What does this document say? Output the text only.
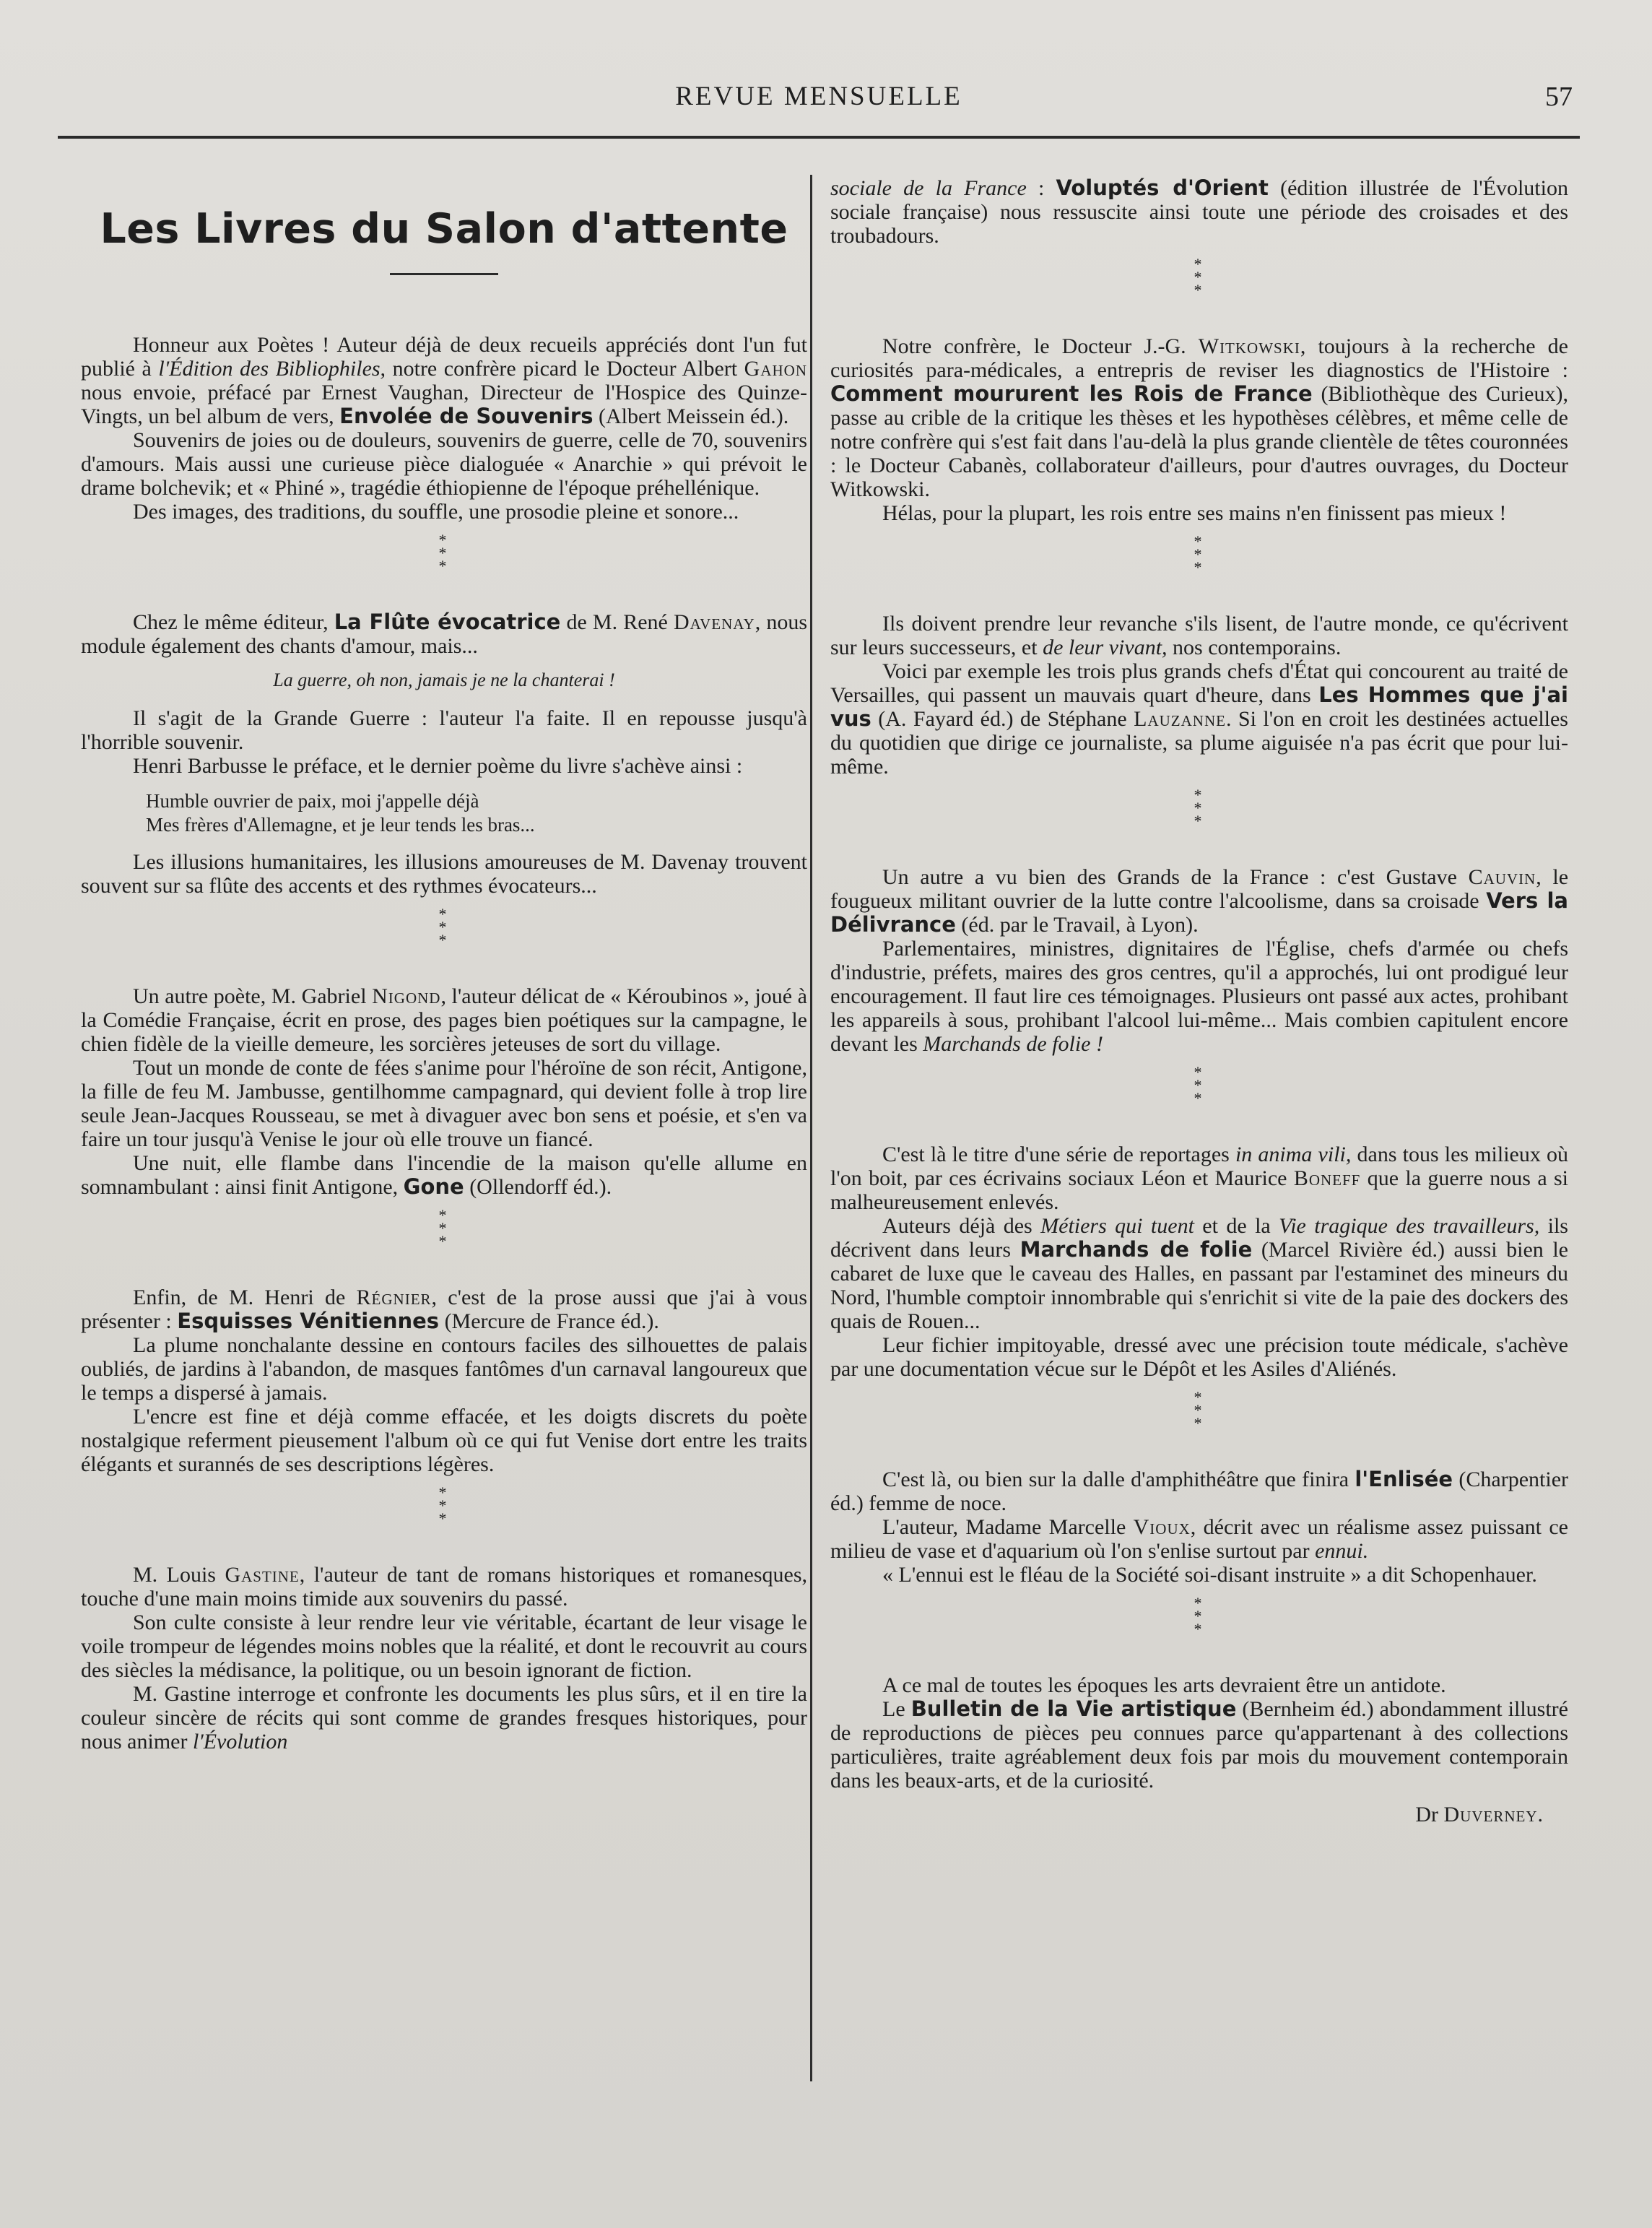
REVUE MENSUELLE	57
Les Livres du Salon d'attente

Honneur aux Poètes ! Auteur déjà de deux recueils appréciés dont l'un fut publié à l'Édition des Bibliophiles, notre confrère picard le Docteur Albert Gahon nous envoie, préfacé par Ernest Vaughan, Directeur de l'Hospice des Quinze-Vingts, un bel album de vers, Envolée de Souvenirs (Albert Meissein éd.).

Souvenirs de joies ou de douleurs, souvenirs de guerre, celle de 70, souvenirs d'amours. Mais aussi une curieuse pièce dialoguée « Anarchie » qui prévoit le drame bolchevik; et « Phiné », tragédie éthiopienne de l'époque préhellénique.

Des images, des traditions, du souffle, une prosodie pleine et sonore...

*
*
*

Chez le même éditeur, La Flûte évocatrice de M. René Davenay, nous module également des chants d'amour, mais...

La guerre, oh non, jamais je ne la chanterai !

Il s'agit de la Grande Guerre : l'auteur l'a faite. Il en repousse jusqu'à l'horrible souvenir.

Henri Barbusse le préface, et le dernier poème du livre s'achève ainsi :

Humble ouvrier de paix, moi j'appelle déjà
Mes frères d'Allemagne, et je leur tends les bras...

Les illusions humanitaires, les illusions amoureuses de M. Davenay trouvent souvent sur sa flûte des accents et des rythmes évocateurs...

*
*
*

Un autre poète, M. Gabriel Nigond, l'auteur délicat de « Kéroubinos », joué à la Comédie Française, écrit en prose, des pages bien poétiques sur la campagne, le chien fidèle de la vieille demeure, les sorcières jeteuses de sort du village.

Tout un monde de conte de fées s'anime pour l'héroïne de son récit, Antigone, la fille de feu M. Jambusse, gentilhomme campagnard, qui devient folle à trop lire seule Jean-Jacques Rousseau, se met à divaguer avec bon sens et poésie, et s'en va faire un tour jusqu'à Venise le jour où elle trouve un fiancé.

Une nuit, elle flambe dans l'incendie de la maison qu'elle allume en somnambulant : ainsi finit Antigone, Gone (Ollendorff éd.).

*
*
*

Enfin, de M. Henri de Régnier, c'est de la prose aussi que j'ai à vous présenter : Esquisses Vénitiennes (Mercure de France éd.).

La plume nonchalante dessine en contours faciles des silhouettes de palais oubliés, de jardins à l'abandon, de masques fantômes d'un carnaval langoureux que le temps a dispersé à jamais.

L'encre est fine et déjà comme effacée, et les doigts discrets du poète nostalgique referment pieusement l'album où ce qui fut Venise dort entre les traits élégants et surannés de ses descriptions légères.

*
*
*

M. Louis Gastine, l'auteur de tant de romans historiques et romanesques, touche d'une main moins timide aux souvenirs du passé.

Son culte consiste à leur rendre leur vie véritable, écartant de leur visage le voile trompeur de légendes moins nobles que la réalité, et dont le recouvrit au cours des siècles la médisance, la politique, ou un besoin ignorant de fiction.

M. Gastine interroge et confronte les documents les plus sûrs, et il en tire la couleur sincère de récits qui sont comme de grandes fresques historiques, pour nous animer l'Évolution

sociale de la France : Voluptés d'Orient (édition illustrée de l'Évolution sociale française) nous ressuscite ainsi toute une période des croisades et des troubadours.

*
*
*

Notre confrère, le Docteur J.-G. Witkowski, toujours à la recherche de curiosités para-médicales, a entrepris de reviser les diagnostics de l'Histoire : Comment moururent les Rois de France (Bibliothèque des Curieux), passe au crible de la critique les thèses et les hypothèses célèbres, et même celle de notre confrère qui s'est fait dans l'au-delà la plus grande clientèle de têtes couronnées : le Docteur Cabanès, collaborateur d'ailleurs, pour d'autres ouvrages, du Docteur Witkowski.

Hélas, pour la plupart, les rois entre ses mains n'en finissent pas mieux !

*
*
*

Ils doivent prendre leur revanche s'ils lisent, de l'autre monde, ce qu'écrivent sur leurs successeurs, et de leur vivant, nos contemporains.

Voici par exemple les trois plus grands chefs d'État qui concourent au traité de Versailles, qui passent un mauvais quart d'heure, dans Les Hommes que j'ai vus (A. Fayard éd.) de Stéphane Lauzanne. Si l'on en croit les destinées actuelles du quotidien que dirige ce journaliste, sa plume aiguisée n'a pas écrit que pour lui-même.

*
*
*

Un autre a vu bien des Grands de la France : c'est Gustave Cauvin, le fougueux militant ouvrier de la lutte contre l'alcoolisme, dans sa croisade Vers la Délivrance (éd. par le Travail, à Lyon).

Parlementaires, ministres, dignitaires de l'Église, chefs d'armée ou chefs d'industrie, préfets, maires des gros centres, qu'il a approchés, lui ont prodigué leur encouragement. Il faut lire ces témoignages. Plusieurs ont passé aux actes, prohibant les appareils à sous, prohibant l'alcool lui-même... Mais combien capitulent encore devant les Marchands de folie !

*
*
*

C'est là le titre d'une série de reportages in anima vili, dans tous les milieux où l'on boit, par ces écrivains sociaux Léon et Maurice Boneff que la guerre nous a si malheureusement enlevés.

Auteurs déjà des Métiers qui tuent et de la Vie tragique des travailleurs, ils décrivent dans leurs Marchands de folie (Marcel Rivière éd.) aussi bien le cabaret de luxe que le caveau des Halles, en passant par l'estaminet des mineurs du Nord, l'humble comptoir innombrable qui s'enrichit si vite de la paie des dockers des quais de Rouen...

Leur fichier impitoyable, dressé avec une précision toute médicale, s'achève par une documentation vécue sur le Dépôt et les Asiles d'Aliénés.

*
*
*

C'est là, ou bien sur la dalle d'amphithéâtre que finira l'Enlisée (Charpentier éd.) femme de noce.

L'auteur, Madame Marcelle Vioux, décrit avec un réalisme assez puissant ce milieu de vase et d'aquarium où l'on s'enlise surtout par ennui.

« L'ennui est le fléau de la Société soi-disant instruite » a dit Schopenhauer.

*
*
*

A ce mal de toutes les époques les arts devraient être un antidote.

Le Bulletin de la Vie artistique (Bernheim éd.) abondamment illustré de reproductions de pièces peu connues parce qu'appartenant à des collections particulières, traite agréablement deux fois par mois du mouvement contemporain dans les beaux-arts, et de la curiosité.

Dr Duverney.
